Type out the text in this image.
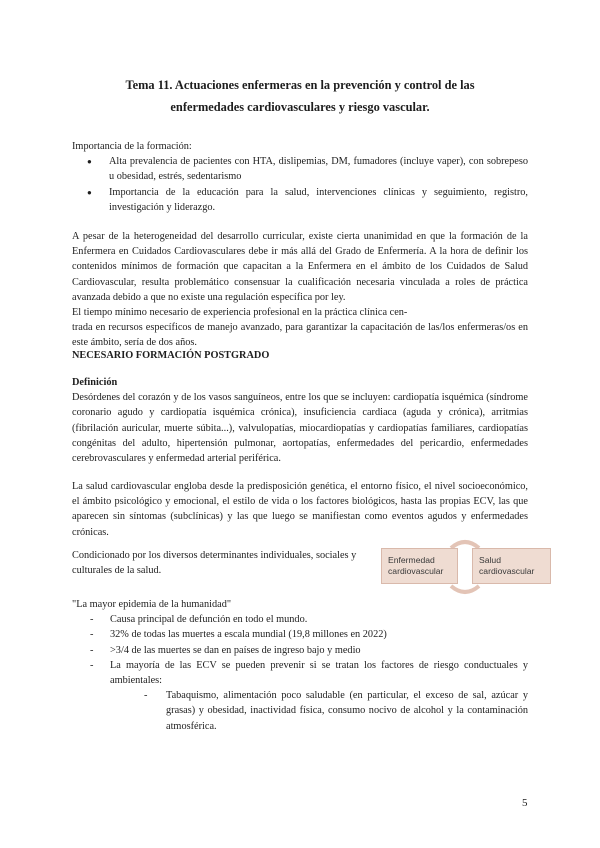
Tema 11. Actuaciones enfermeras en la prevención y control de las
enfermedades cardiovasculares y riesgo vascular.
Importancia de la formación:
● Alta prevalencia de pacientes con HTA, dislipemias, DM, fumadores (incluye vaper), con sobrepeso u obesidad, estrés, sedentarismo
● Importancia de la educación para la salud, intervenciones clínicas y seguimiento, registro, investigación y liderazgo.
A pesar de la heterogeneidad del desarrollo curricular, existe cierta unanimidad en que la formación de la Enfermera en Cuidados Cardiovasculares debe ir más allá del Grado de Enfermería. A la hora de definir los contenidos mínimos de formación que capacitan a la Enfermera en el ámbito de los Cuidados de Salud Cardiovascular, resulta problemático consensuar la cualificación necesaria vinculada a roles de práctica avanzada debido a que no existe una regulación específica por ley.
El tiempo mínimo necesario de experiencia profesional en la práctica clínica cen-
trada en recursos específicos de manejo avanzado, para garantizar la capacitación de las/los enfermeras/os en este ámbito, sería de dos años.
NECESARIO FORMACIÓN POSTGRADO
Definición
Desórdenes del corazón y de los vasos sanguíneos, entre los que se incluyen: cardiopatía isquémica (síndrome coronario agudo y cardiopatía isquémica crónica), insuficiencia cardiaca (aguda y crónica), arritmias (fibrilación auricular, muerte súbita...), valvulopatías, miocardiopatías y cardiopatías familiares, cardiopatías congénitas del adulto, hipertensión pulmonar, aortopatías, enfermedades del pericardio, enfermedades cerebrovasculares y enfermedad arterial periférica.
La salud cardiovascular engloba desde la predisposición genética, el entorno físico, el nivel socioeconómico, el ámbito psicológico y emocional, el estilo de vida o los factores biológicos, hasta las propias ECV, las que aparecen sin síntomas (subclínicas) y las que luego se manifiestan como eventos agudos y enfermedades crónicas.
Condicionado por los diversos determinantes individuales, sociales y culturales de la salud.
Enfermedad
cardiovascular
Salud
cardiovascular
"La mayor epidemia de la humanidad"
- Causa principal de defunción en todo el mundo.
- 32% de todas las muertes a escala mundial (19,8 millones en 2022)
- >3/4 de las muertes se dan en países de ingreso bajo y medio
- La mayoría de las ECV se pueden prevenir si se tratan los factores de riesgo conductuales y ambientales:
- Tabaquismo, alimentación poco saludable (en particular, el exceso de sal, azúcar y grasas) y obesidad, inactividad física, consumo nocivo de alcohol y la contaminación atmosférica.
5
